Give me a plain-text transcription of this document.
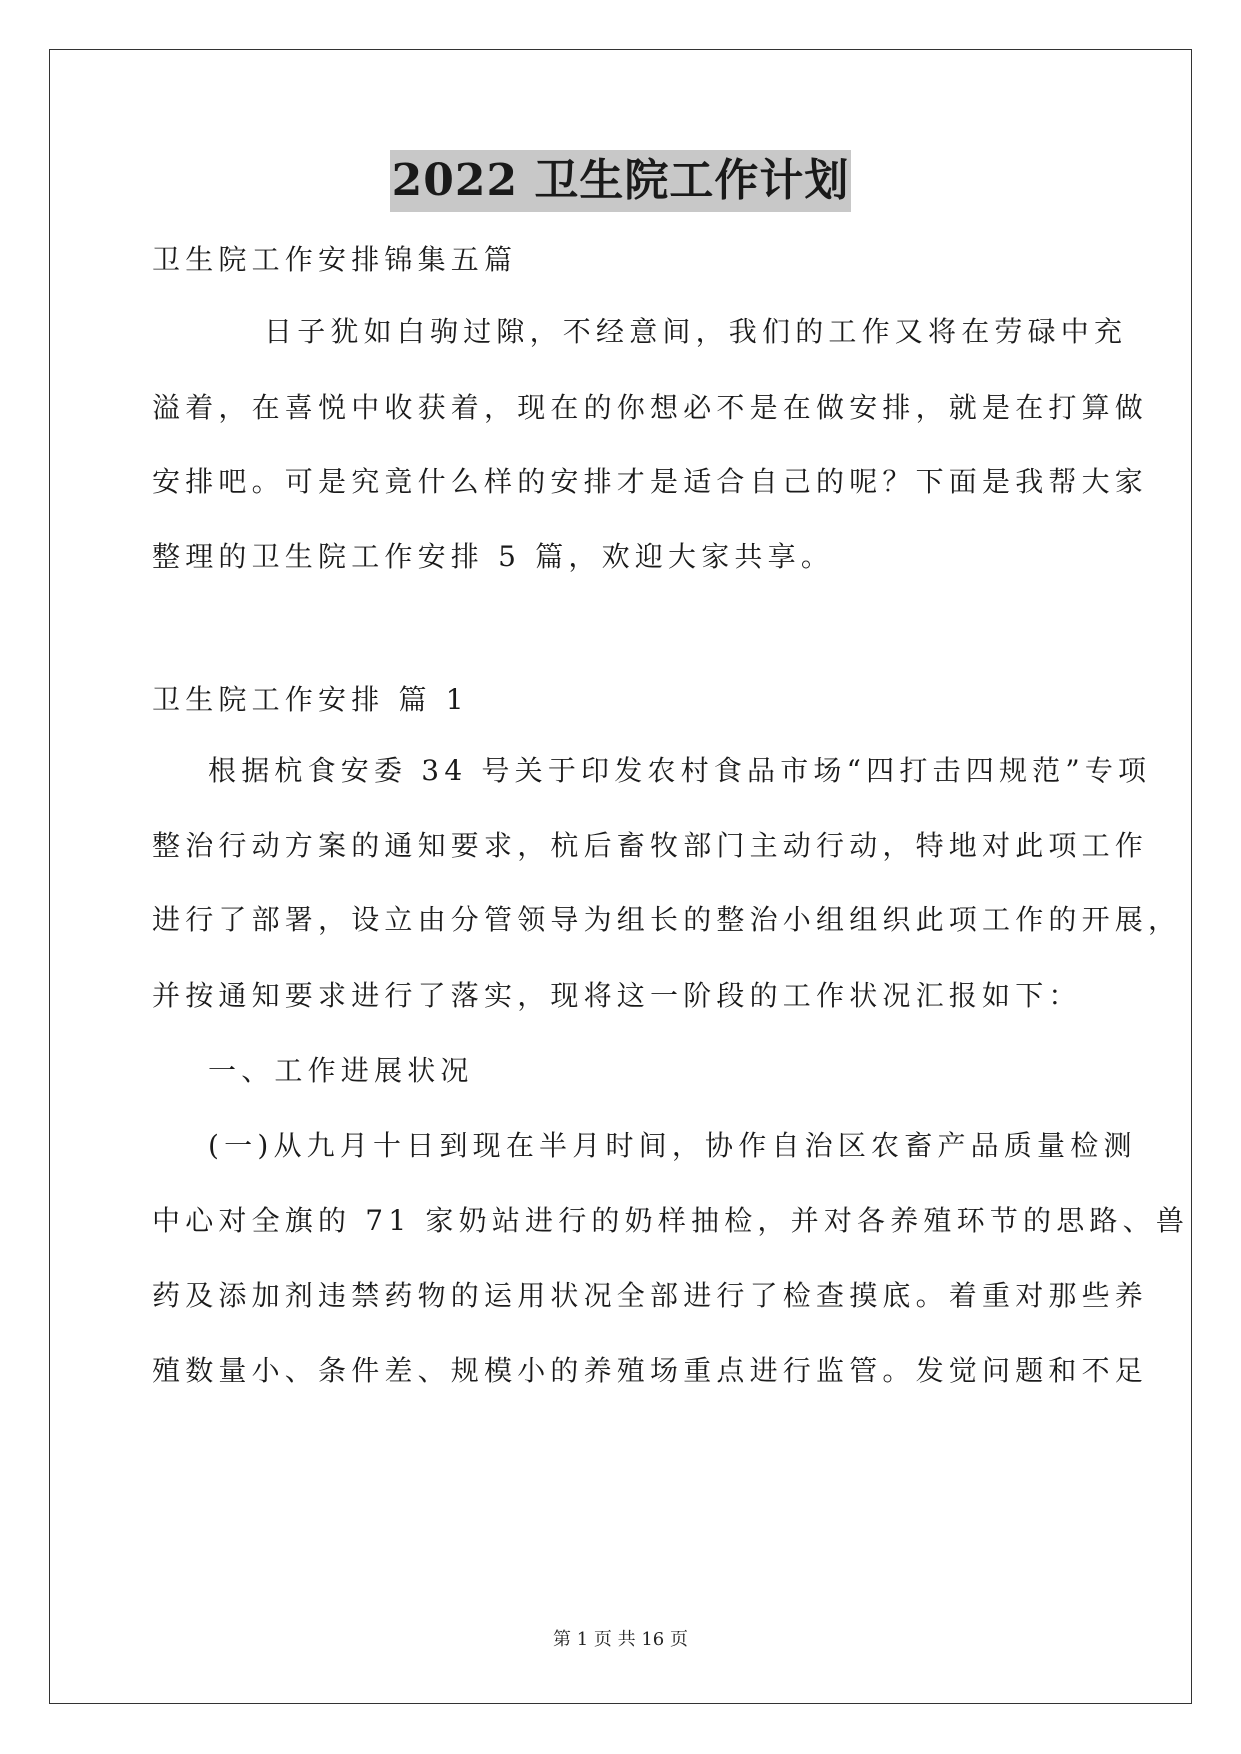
2022 卫生院工作计划
卫生院工作安排锦集五篇
日子犹如白驹过隙，不经意间，我们的工作又将在劳碌中充
溢着，在喜悦中收获着，现在的你想必不是在做安排，就是在打算做
安排吧。可是究竟什么样的安排才是适合自己的呢？下面是我帮大家
整理的卫生院工作安排 5 篇，欢迎大家共享。
卫生院工作安排 篇 1
根据杭食安委 34 号关于印发农村食品市场“四打击四规范”专项
整治行动方案的通知要求，杭后畜牧部门主动行动，特地对此项工作
进行了部署，设立由分管领导为组长的整治小组组织此项工作的开展，
并按通知要求进行了落实，现将这一阶段的工作状况汇报如下：
一、工作进展状况
(一)从九月十日到现在半月时间，协作自治区农畜产品质量检测
中心对全旗的 71 家奶站进行的奶样抽检，并对各养殖环节的思路、兽
药及添加剂违禁药物的运用状况全部进行了检查摸底。着重对那些养
殖数量小、条件差、规模小的养殖场重点进行监管。发觉问题和不足
第 1 页 共 16 页
